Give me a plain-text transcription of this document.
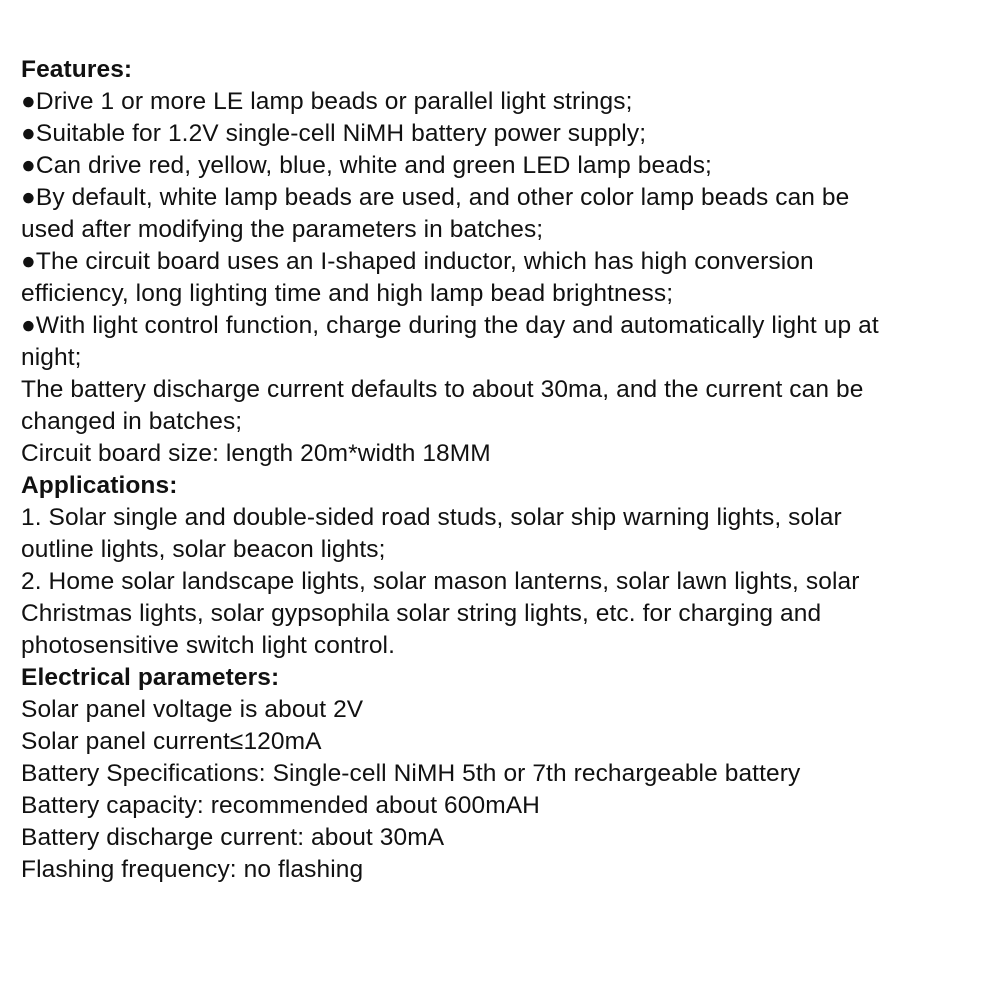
Features:
●Drive 1 or more LE lamp beads or parallel light strings;
●Suitable for 1.2V single-cell NiMH battery power supply;
●Can drive red, yellow, blue, white and green LED lamp beads;
●By default, white lamp beads are used, and other color lamp beads can be
used after modifying the parameters in batches;
●The circuit board uses an I-shaped inductor, which has high conversion
efficiency, long lighting time and high lamp bead brightness;
●With light control function, charge during the day and automatically light up at
night;
The battery discharge current defaults to about 30ma, and the current can be
changed in batches;
Circuit board size: length 20m*width 18MM
Applications:
1. Solar single and double-sided road studs, solar ship warning lights, solar
outline lights, solar beacon lights;
2. Home solar landscape lights, solar mason lanterns, solar lawn lights, solar
Christmas lights, solar gypsophila solar string lights, etc. for charging and
photosensitive switch light control.
Electrical parameters:
Solar panel voltage is about 2V
Solar panel current≤120mA
Battery Specifications: Single-cell NiMH 5th or 7th rechargeable battery
Battery capacity: recommended about 600mAH
Battery discharge current: about 30mA
Flashing frequency: no flashing
